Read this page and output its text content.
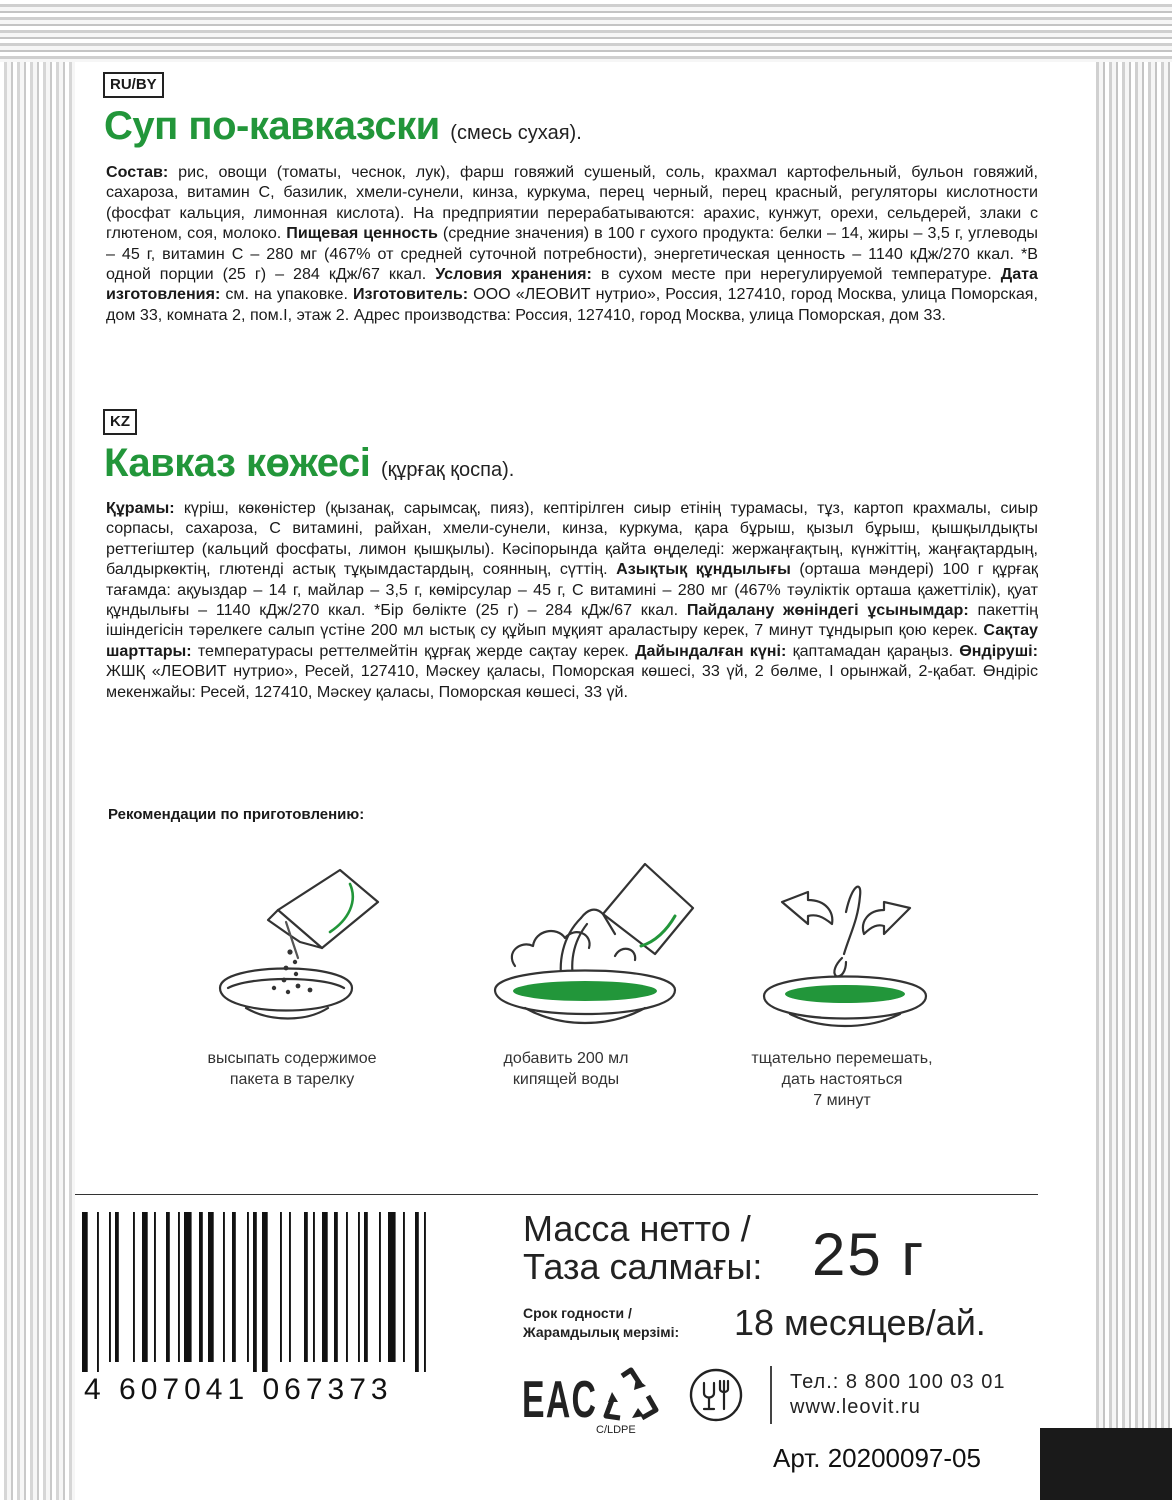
RU/BY
Суп по-кавказски (смесь сухая).
Состав: рис, овощи (томаты, чеснок, лук), фарш говяжий сушеный, соль, крахмал картофельный, бульон говяжий, сахароза, витамин С, базилик, хмели-сунели, кинза, куркума, перец черный, перец красный, регуляторы кислотности (фосфат кальция, лимонная кислота). На предприятии перерабатываются: арахис, кунжут, орехи, сельдерей, злаки с глютеном, соя, молоко. Пищевая ценность (средние значения) в 100 г сухого продукта: белки – 14, жиры – 3,5 г, углеводы – 45 г, витамин С – 280 мг (467% от средней суточной потребности), энергетическая ценность – 1140 кДж/270 ккал. *В одной порции (25 г) – 284 кДж/67 ккал. Условия хранения: в сухом месте при нерегулируемой температуре. Дата изготовления: см. на упаковке. Изготовитель: ООО «ЛЕОВИТ нутрио», Россия, 127410, город Москва, улица Поморская, дом 33, комната 2, пом.I, этаж 2. Адрес производства: Россия, 127410, город Москва, улица Поморская, дом 33.
KZ
Кавказ көжесі (құрғақ қоспа).
Құрамы: күріш, көкөністер (қызанақ, сарымсақ, пияз), кептірілген сиыр етінің турамасы, тұз, картоп крахмалы, сиыр сорпасы, сахароза, С витамині, райхан, хмели-сунели, кинза, куркума, қара бұрыш, қызыл бұрыш, қышқылдықты реттегіштер (кальций фосфаты, лимон қышқылы). Кәсіпорында қайта өңделеді: жержаңғақтың, күнжіттің, жаңғақтардың, балдыркөктің, глютенді астық тұқымдастардың, соянның, сүттің. Азықтық құндылығы (орташа мәндері) 100 г құрғақ тағамда: ақуыздар – 14 г, майлар – 3,5 г, көмірсулар – 45 г, С витамині – 280 мг (467% тәуліктік орташа қажеттілік), қуат құндылығы – 1140 кДж/270 ккал. *Бір бөлікте (25 г) – 284 кДж/67 ккал. Пайдалану жөніндегі ұсынымдар: пакеттің ішіндегісін тәрелкеге салып үстіне 200 мл ыстық су құйып мұқият араластыру керек, 7 минут тұндырып қою керек. Сақтау шарттары: температурасы реттелмейтін құрғақ жерде сақтау керек. Дайындалған күні: қаптамадан қараңыз. Өндіруші: ЖШҚ «ЛЕОВИТ нутрио», Ресей, 127410, Мәскеу қаласы, Поморская көшесі, 33 үй, 2 бөлме, I орынжай, 2-қабат. Өндіріс мекенжайы: Ресей, 127410, Мәскеу қаласы, Поморская көшесі, 33 үй.
Рекомендации по приготовлению:
высыпать содержимое
пакета в тарелку
добавить 200 мл
кипящей воды
тщательно перемешать,
дать настояться
7 минут
4 607041 067373
Масса нетто /
Таза салмағы: 25 г
Срок годности /
Жарамдылық мерзімі: 18 месяцев/ай.
EAC
C/LDPE
Тел.: 8 800 100 03 01
www.leovit.ru
Арт. 20200097-05
